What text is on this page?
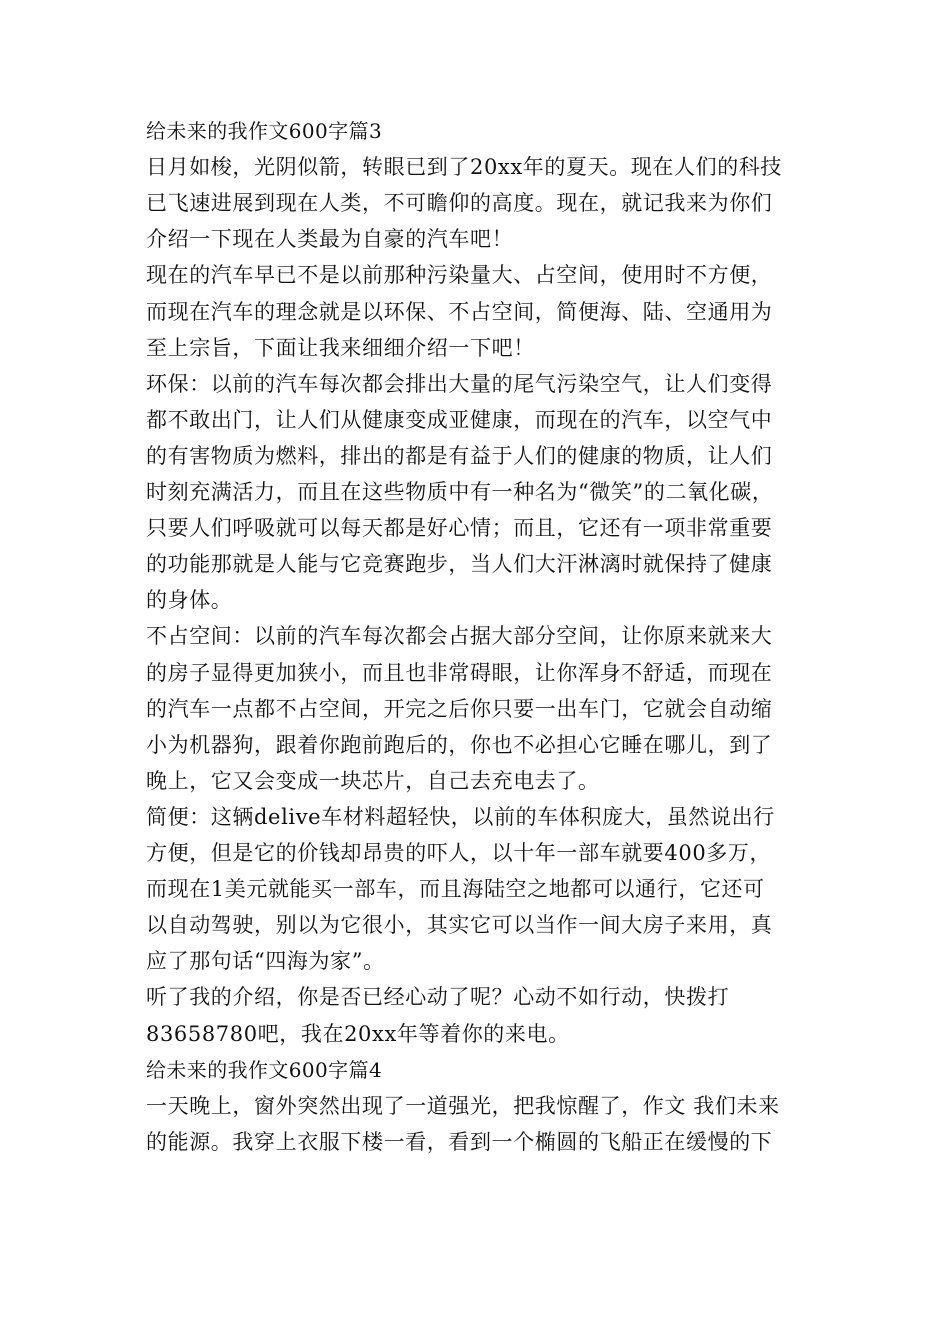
给未来的我作文600字篇3

日月如梭，光阴似箭，转眼已到了20xx年的夏天。现在人们的科技

已飞速进展到现在人类，不可瞻仰的高度。现在，就记我来为你们

介绍一下现在人类最为自豪的汽车吧！

现在的汽车早已不是以前那种污染量大、占空间，使用时不方便，

而现在汽车的理念就是以环保、不占空间，简便海、陆、空通用为

至上宗旨，下面让我来细细介绍一下吧！

环保：以前的汽车每次都会排出大量的尾气污染空气，让人们变得

都不敢出门，让人们从健康变成亚健康，而现在的汽车，以空气中

的有害物质为燃料，排出的都是有益于人们的健康的物质，让人们

时刻充满活力，而且在这些物质中有一种名为“微笑”的二氧化碳，

只要人们呼吸就可以每天都是好心情；而且，它还有一项非常重要

的功能那就是人能与它竞赛跑步，当人们大汗淋漓时就保持了健康

的身体。

不占空间：以前的汽车每次都会占据大部分空间，让你原来就来大

的房子显得更加狭小，而且也非常碍眼，让你浑身不舒适，而现在

的汽车一点都不占空间，开完之后你只要一出车门，它就会自动缩

小为机器狗，跟着你跑前跑后的，你也不必担心它睡在哪儿，到了

晚上，它又会变成一块芯片，自己去充电去了。

简便：这辆delive车材料超轻快，以前的车体积庞大，虽然说出行

方便，但是它的价钱却昂贵的吓人，以十年一部车就要400多万，

而现在1美元就能买一部车，而且海陆空之地都可以通行，它还可

以自动驾驶，别以为它很小，其实它可以当作一间大房子来用，真

应了那句话“四海为家”。

听了我的介绍，你是否已经心动了呢？心动不如行动，快拨打

83658780吧，我在20xx年等着你的来电。

给未来的我作文600字篇4

一天晚上，窗外突然出现了一道强光，把我惊醒了，作文 我们未来

的能源。我穿上衣服下楼一看，看到一个椭圆的飞船正在缓慢的下
